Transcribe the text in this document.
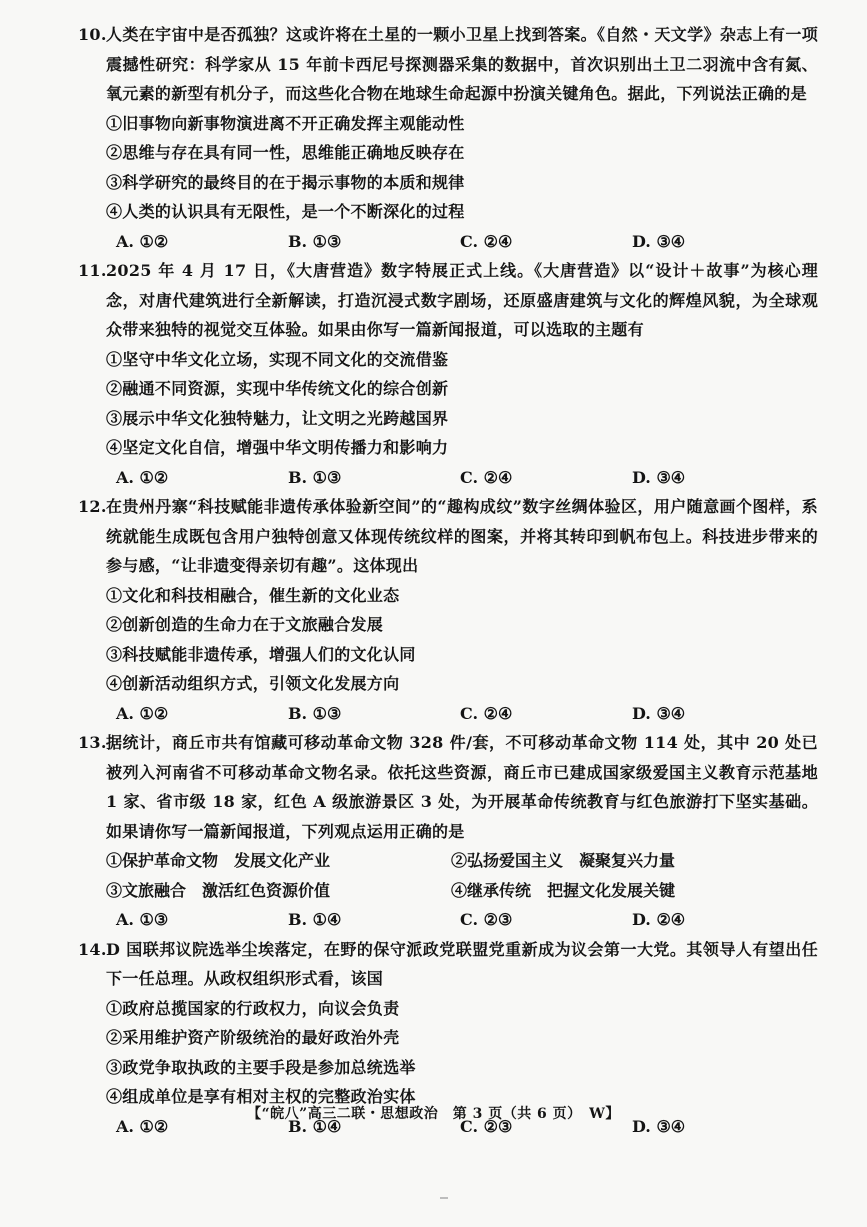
10. 人类在宇宙中是否孤独？这或许将在土星的一颗小卫星上找到答案。《自然・天文学》杂志上有一项震撼性研究：科学家从 15 年前卡西尼号探测器采集的数据中，首次识别出土卫二羽流中含有氮、氧元素的新型有机分子，而这些化合物在地球生命起源中扮演关键角色。据此，下列说法正确的是

①旧事物向新事物演进离不开正确发挥主观能动性

②思维与存在具有同一性，思维能正确地反映存在

③科学研究的最终目的在于揭示事物的本质和规律

④人类的认识具有无限性，是一个不断深化的过程

A. ①②	B. ①③	C. ②④	D. ③④

11. 2025 年 4 月 17 日，《大唐营造》数字特展正式上线。《大唐营造》以“设计＋故事”为核心理念，对唐代建筑进行全新解读，打造沉浸式数字剧场，还原盛唐建筑与文化的辉煌风貌，为全球观众带来独特的视觉交互体验。如果由你写一篇新闻报道，可以选取的主题有

①坚守中华文化立场，实现不同文化的交流借鉴

②融通不同资源，实现中华传统文化的综合创新

③展示中华文化独特魅力，让文明之光跨越国界

④坚定文化自信，增强中华文明传播力和影响力

A. ①②	B. ①③	C. ②④	D. ③④

12. 在贵州丹寨“科技赋能非遗传承体验新空间”的“趣构成纹”数字丝绸体验区，用户随意画个图样，系统就能生成既包含用户独特创意又体现传统纹样的图案，并将其转印到帆布包上。科技进步带来的参与感，“让非遗变得亲切有趣”。这体现出

①文化和科技相融合，催生新的文化业态

②创新创造的生命力在于文旅融合发展

③科技赋能非遗传承，增强人们的文化认同

④创新活动组织方式，引领文化发展方向

A. ①②	B. ①③	C. ②④	D. ③④

13. 据统计，商丘市共有馆藏可移动革命文物 328 件/套，不可移动革命文物 114 处，其中 20 处已被列入河南省不可移动革命文物名录。依托这些资源，商丘市已建成国家级爱国主义教育示范基地 1 家、省市级 18 家，红色 A 级旅游景区 3 处，为开展革命传统教育与红色旅游打下坚实基础。如果请你写一篇新闻报道，下列观点运用正确的是

①保护革命文物　发展文化产业	②弘扬爱国主义　凝聚复兴力量
③文旅融合　激活红色资源价值	④继承传统　把握文化发展关键
A. ①③	B. ①④	C. ②③	D. ②④

14. D 国联邦议院选举尘埃落定，在野的保守派政党联盟党重新成为议会第一大党。其领导人有望出任下一任总理。从政权组织形式看，该国

①政府总揽国家的行政权力，向议会负责

②采用维护资产阶级统治的最好政治外壳

③政党争取执政的主要手段是参加总统选举

④组成单位是享有相对主权的完整政治实体

A. ①②	B. ①④	C. ②③	D. ③④
【“皖八”高三二联・思想政治　第 3 页（共 6 页）　W】
